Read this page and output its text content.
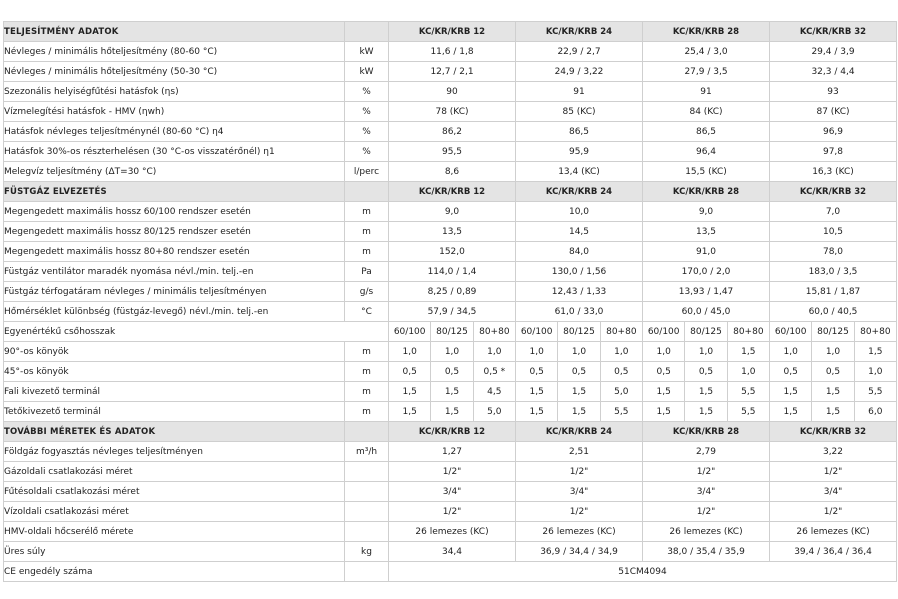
TELJESÍTMÉNY ADATOK		KC/KR/KRB 12			KC/KR/KRB 24			KC/KR/KRB 28			KC/KR/KRB 32		
Névleges / minimális hőteljesítmény (80-60 °C)	kW	11,6 / 1,8			22,9 / 2,7			25,4 / 3,0			29,4 / 3,9		
Névleges / minimális hőteljesítmény (50-30 °C)	kW	12,7 / 2,1			24,9 / 3,22			27,9 / 3,5			32,3 / 4,4		
Szezonális helyiségfűtési hatásfok (ηs)	%	90			91			91			93		
Vízmelegítési hatásfok - HMV (ηwh)	%	78 (KC)			85 (KC)			84 (KC)			87 (KC)		
Hatásfok névleges teljesítménynél (80-60 °C) η4	%	86,2			86,5			86,5			96,9		
Hatásfok 30%-os részterhelésen (30 °C-os visszatérőnél) η1	%	95,5			95,9			96,4			97,8		
Melegvíz teljesítmény (ΔT=30 °C)	l/perc	8,6			13,4 (KC)			15,5 (KC)			16,3 (KC)		
FÜSTGÁZ ELVEZETÉS		KC/KR/KRB 12			KC/KR/KRB 24			KC/KR/KRB 28			KC/KR/KRB 32		
Megengedett maximális hossz 60/100 rendszer esetén	m	9,0			10,0			9,0			7,0		
Megengedett maximális hossz 80/125 rendszer esetén	m	13,5			14,5			13,5			10,5		
Megengedett maximális hossz 80+80 rendszer esetén	m	152,0			84,0			91,0			78,0		
Füstgáz ventilátor maradék nyomása névl./min. telj.-en	Pa	114,0 / 1,4			130,0 / 1,56			170,0 / 2,0			183,0 / 3,5		
Füstgáz térfogatáram névleges / minimális teljesítményen	g/s	8,25 / 0,89			12,43 / 1,33			13,93 / 1,47			15,81 / 1,87		
Hőmérséklet különbség (füstgáz-levegő) névl./min. telj.-en	°C	57,9 / 34,5			61,0 / 33,0			60,0 / 45,0			60,0 / 40,5		
Egyenértékű csőhosszak		60/100	80/125	80+80	60/100	80/125	80+80	60/100	80/125	80+80	60/100	80/125	80+80
90°-os könyök	m	1,0	1,0	1,0	1,0	1,0	1,0	1,0	1,0	1,5	1,0	1,0	1,5
45°-os könyök	m	0,5	0,5	0,5 *	0,5	0,5	0,5	0,5	0,5	1,0	0,5	0,5	1,0
Fali kivezető terminál	m	1,5	1,5	4,5	1,5	1,5	5,0	1,5	1,5	5,5	1,5	1,5	5,5
Tetőkivezető terminál	m	1,5	1,5	5,0	1,5	1,5	5,5	1,5	1,5	5,5	1,5	1,5	6,0
TOVÁBBI MÉRETEK ÉS ADATOK		KC/KR/KRB 12			KC/KR/KRB 24			KC/KR/KRB 28			KC/KR/KRB 32		
Földgáz fogyasztás névleges teljesítményen	m³/h	1,27			2,51			2,79			3,22		
Gázoldali csatlakozási méret		1/2"			1/2"			1/2"			1/2"		
Fűtésoldali csatlakozási méret		3/4"			3/4"			3/4"			3/4"		
Vízoldali csatlakozási méret		1/2"			1/2"			1/2"			1/2"		
HMV-oldali hőcserélő mérete		26 lemezes (KC)			26 lemezes (KC)			26 lemezes (KC)			26 lemezes (KC)		
Üres súly	kg	34,4			36,9 / 34,4 / 34,9			38,0 / 35,4 / 35,9			39,4 / 36,4 / 36,4		
CE engedély száma		51CM4094											
